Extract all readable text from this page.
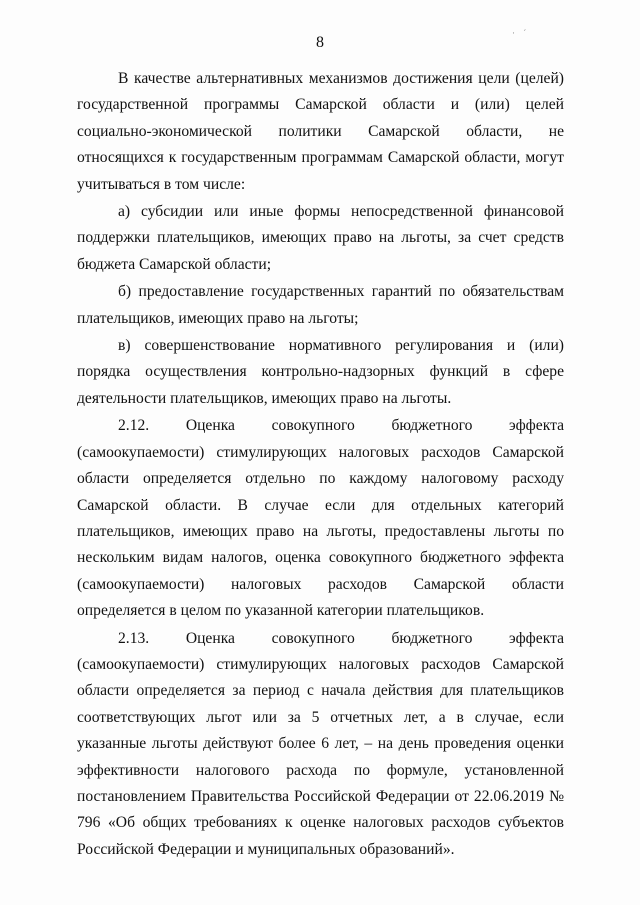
· ´
8

В качестве альтернативных механизмов достижения цели (целей) государственной программы Самарской области и (или) целей социально-экономической политики Самарской области, не относящихся к государственным программам Самарской области, могут учитываться в том числе:

а) субсидии или иные формы непосредственной финансовой поддержки плательщиков, имеющих право на льготы, за счет средств бюджета Самарской области;

б) предоставление государственных гарантий по обязательствам плательщиков, имеющих право на льготы;

в) совершенствование нормативного регулирования и (или) порядка осуществления контрольно-надзорных функций в сфере деятельности плательщиков, имеющих право на льготы.

2.12. Оценка совокупного бюджетного эффекта (самоокупаемости) стимулирующих налоговых расходов Самарской области определяется отдельно по каждому налоговому расходу Самарской области. В случае если для отдельных категорий плательщиков, имеющих право на льготы, предоставлены льготы по нескольким видам налогов, оценка совокупного бюджетного эффекта (самоокупаемости) налоговых расходов Самарской области определяется в целом по указанной категории плательщиков.

2.13. Оценка совокупного бюджетного эффекта (самоокупаемости) стимулирующих налоговых расходов Самарской области определяется за период с начала действия для плательщиков соответствующих льгот или за 5 отчетных лет, а в случае, если указанные льготы действуют более 6 лет, – на день проведения оценки эффективности налогового расхода по формуле, установленной постановлением Правительства Российской Федерации от 22.06.2019 № 796 «Об общих требованиях к оценке налоговых расходов субъектов Российской Федерации и муниципальных образований».
